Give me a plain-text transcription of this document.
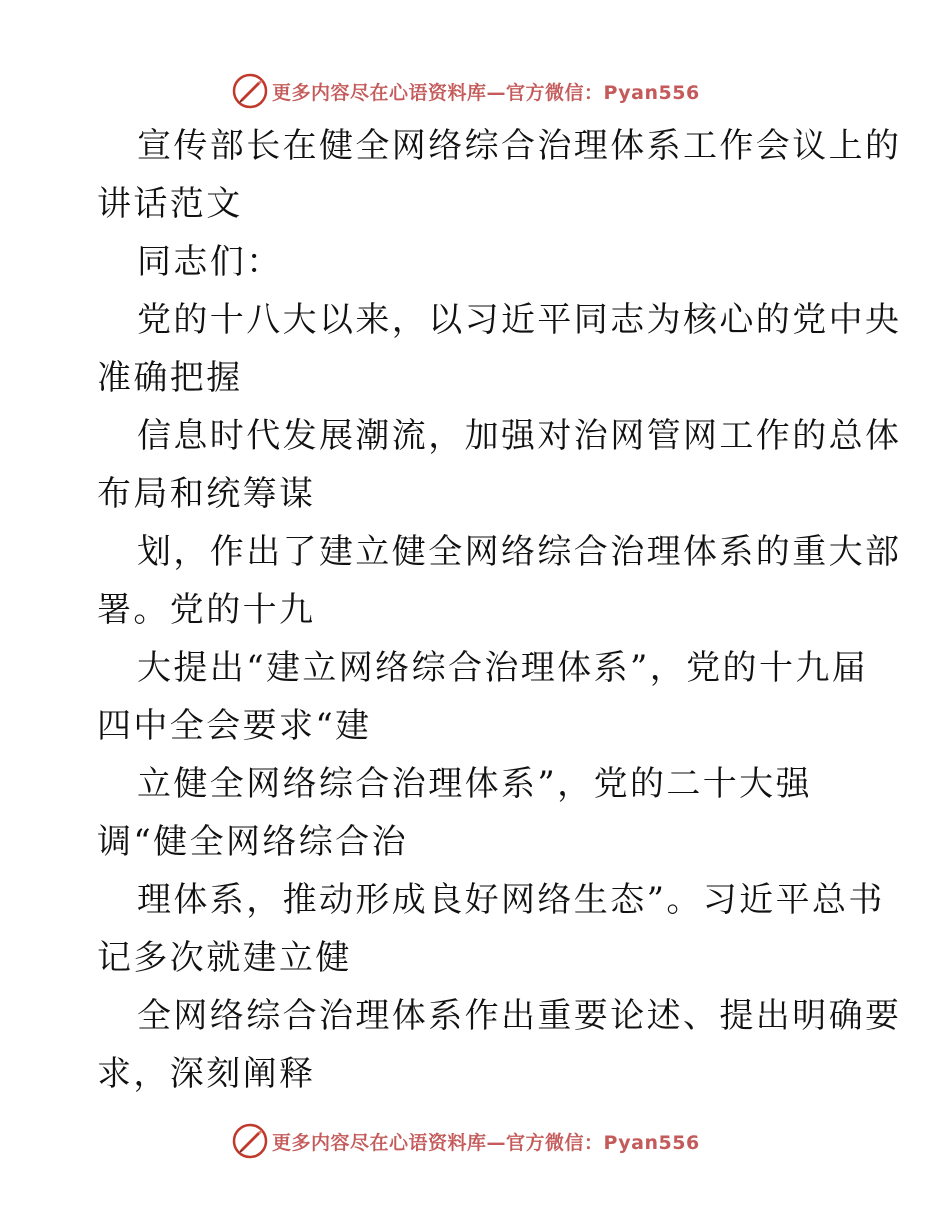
更多内容尽在心语资料库—官方微信：Pyan556
宣传部长在健全网络综合治理体系工作会议上的
讲话范文
同志们：
党的十八大以来，以习近平同志为核心的党中央
准确把握
信息时代发展潮流，加强对治网管网工作的总体
布局和统筹谋
划，作出了建立健全网络综合治理体系的重大部
署。党的十九
大提出“建立网络综合治理体系”，党的十九届
四中全会要求“建
立健全网络综合治理体系”，党的二十大强
调“健全网络综合治
理体系，推动形成良好网络生态”。习近平总书
记多次就建立健
全网络综合治理体系作出重要论述、提出明确要
求，深刻阐释
更多内容尽在心语资料库—官方微信：Pyan556
